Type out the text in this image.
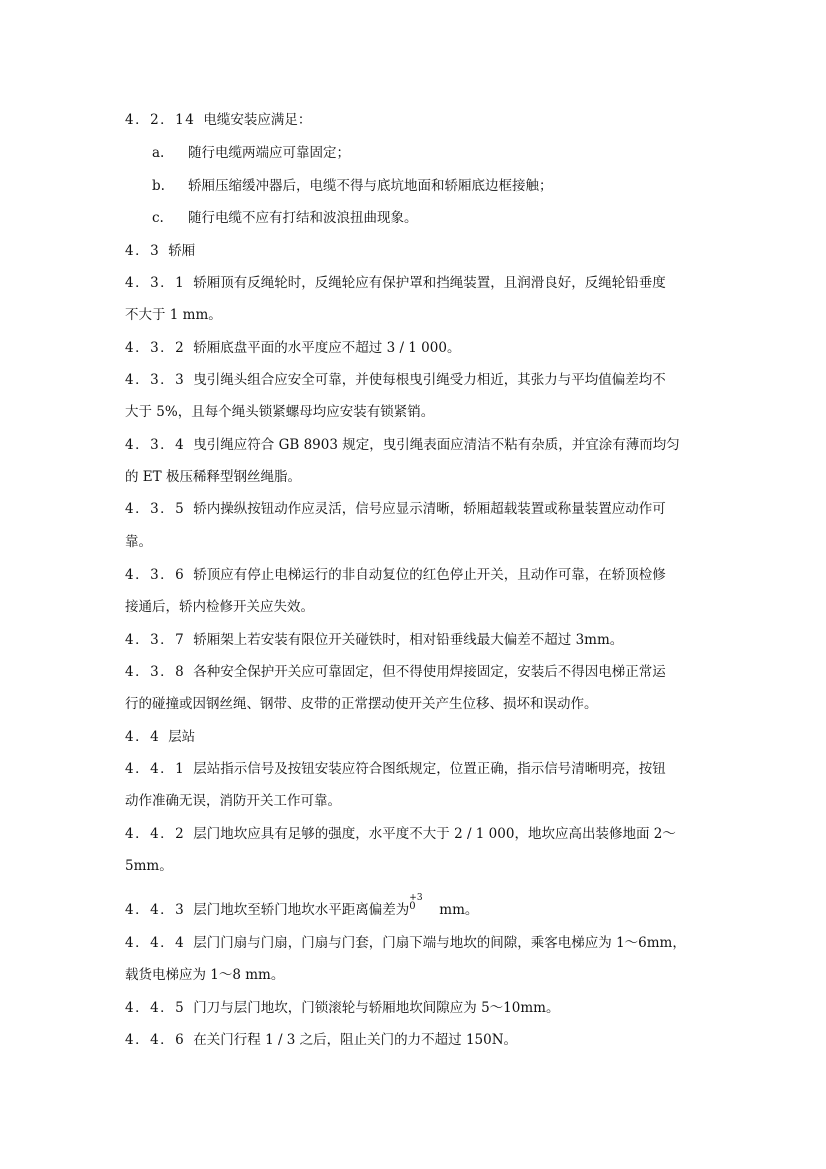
4．2．14 电缆安装应满足：
a. 随行电缆两端应可靠固定；
b. 轿厢压缩缓冲器后，电缆不得与底坑地面和轿厢底边框接触；
c. 随行电缆不应有打结和波浪扭曲现象。
4．3 轿厢
4．3．1 轿厢顶有反绳轮时，反绳轮应有保护罩和挡绳装置，且润滑良好，反绳轮铅垂度
不大于 1 mm。
4．3．2 轿厢底盘平面的水平度应不超过 3 / 1 000。
4．3．3 曳引绳头组合应安全可靠，并使每根曳引绳受力相近，其张力与平均值偏差均不
大于 5%，且每个绳头锁紧螺母均应安装有锁紧销。
4．3．4 曳引绳应符合 GB 8903 规定，曳引绳表面应清洁不粘有杂质，并宜涂有薄而均匀
的 ET 极压稀释型钢丝绳脂。
4．3．5 轿内操纵按钮动作应灵活，信号应显示清晰，轿厢超载装置或称量装置应动作可
靠。
4．3．6 轿顶应有停止电梯运行的非自动复位的红色停止开关，且动作可靠，在轿顶检修
接通后，轿内检修开关应失效。
4．3．7 轿厢架上若安装有限位开关碰铁时，相对铅垂线最大偏差不超过 3mm。
4．3．8 各种安全保护开关应可靠固定，但不得使用焊接固定，安装后不得因电梯正常运
行的碰撞或因钢丝绳、钢带、皮带的正常摆动使开关产生位移、损坏和误动作。
4．4 层站
4．4．1 层站指示信号及按钮安装应符合图纸规定，位置正确，指示信号清晰明亮，按钮
动作准确无误，消防开关工作可靠。
4．4．2 层门地坎应具有足够的强度，水平度不大于 2 / 1 000，地坎应高出装修地面 2～
5mm。
4．4．3 层门地坎至轿门地坎水平距离偏差为
+3
0 mm。
4．4．4 层门门扇与门扇，门扇与门套，门扇下端与地坎的间隙，乘客电梯应为 1～6mm，
载货电梯应为 1～8 mm。
4．4．5 门刀与层门地坎，门锁滚轮与轿厢地坎间隙应为 5～10mm。
4．4．6 在关门行程 1 / 3 之后，阻止关门的力不超过 150N。
